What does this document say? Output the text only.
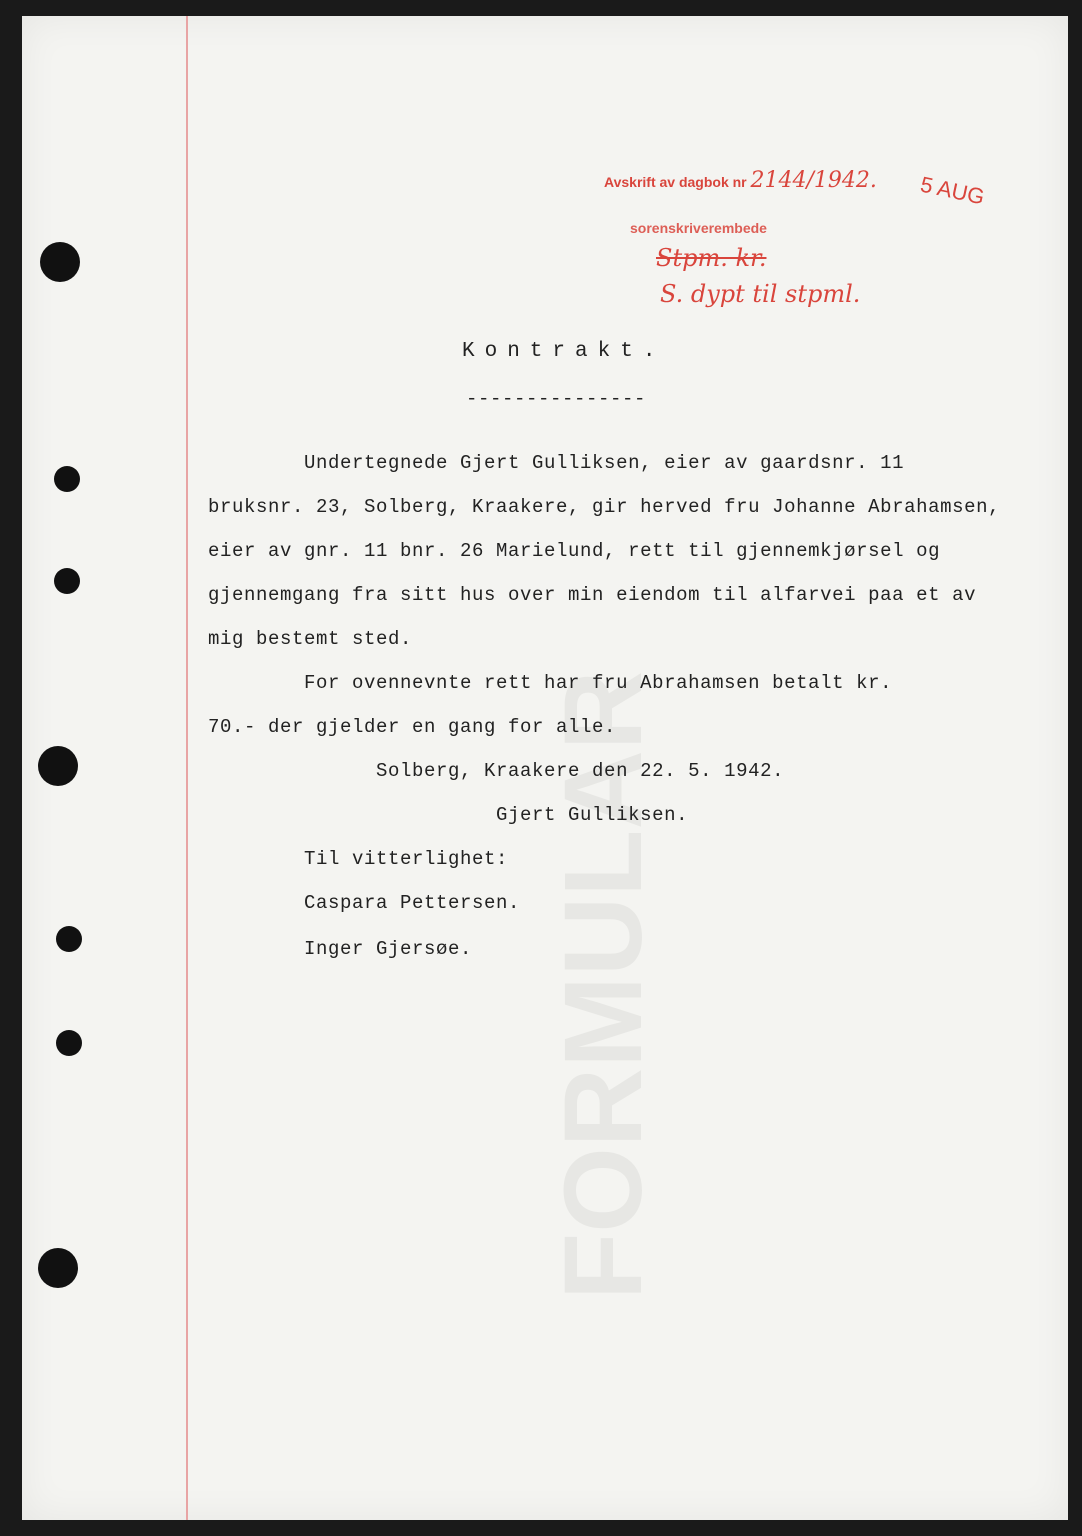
FORMULAR
Avskrift av dagbok nr 2144/1942.
sorenskriverembede
5 AUG
Stpm. kr.
S. dypt til stpml.
Kontrakt.
---------------
Undertegnede Gjert Gulliksen, eier av gaardsnr. 11
bruksnr. 23, Solberg, Kraakere, gir herved fru Johanne Abrahamsen,
eier av gnr. 11 bnr. 26 Marielund, rett til gjennemkjørsel og
gjennemgang fra sitt hus over min eiendom til alfarvei paa et av
mig bestemt sted.
For ovennevnte rett har fru Abrahamsen betalt kr.
70.- der gjelder en gang for alle.
Solberg, Kraakere den 22. 5. 1942.
Gjert Gulliksen.
Til vitterlighet:
Caspara Pettersen.
Inger Gjersøe.
